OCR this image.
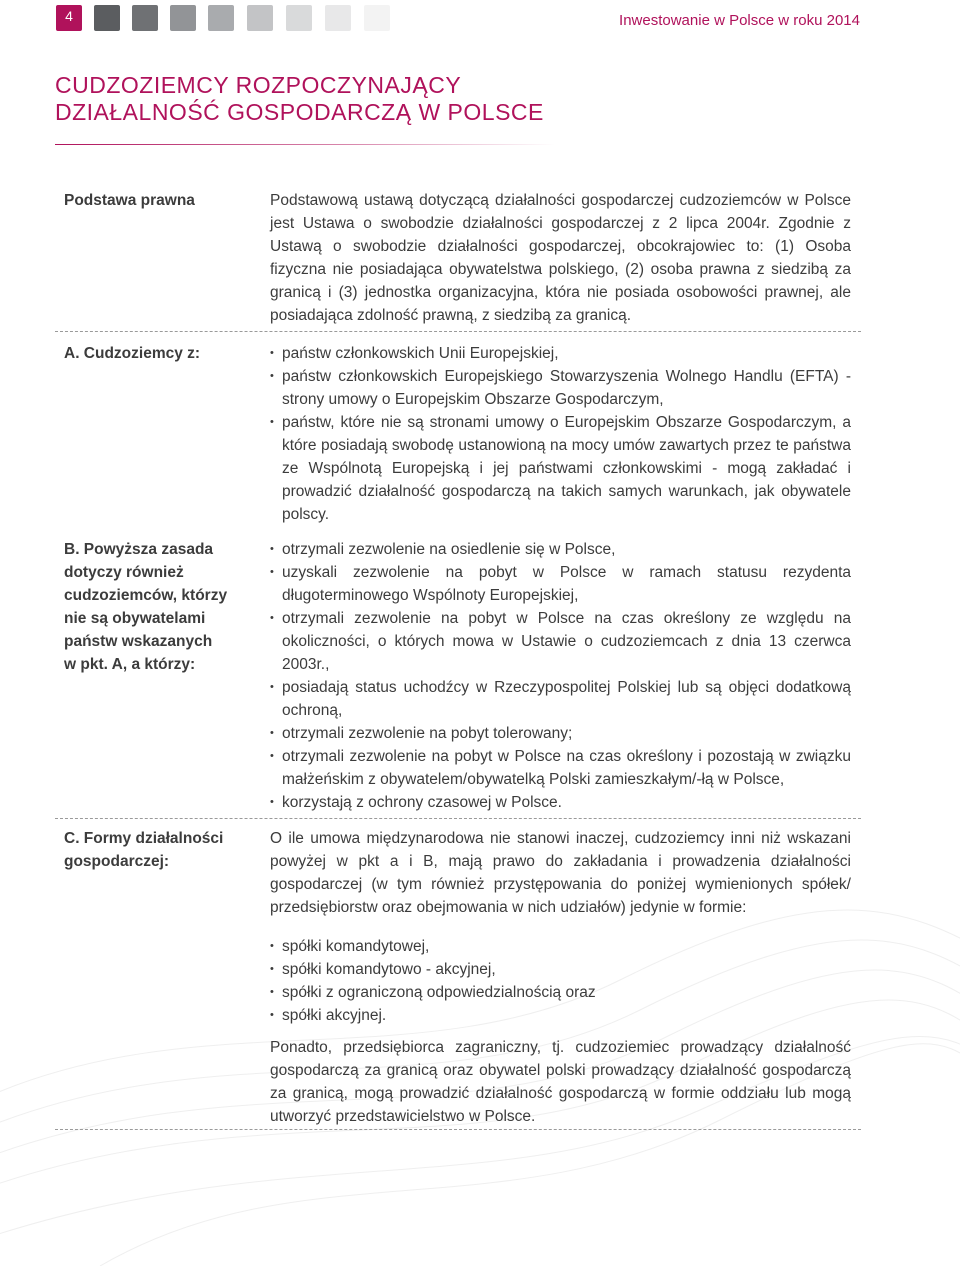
4	Inwestowanie w Polsce w roku 2014
CUDZOZIEMCY ROZPOCZYNAJĄCY
DZIAŁALNOŚĆ GOSPODARCZĄ W POLSCE
Podstawa prawna	Podstawową ustawą dotyczącą działalności gospodarczej cudzoziemców w Polsce jest Ustawa o swobodzie działalności gospodarczej z 2 lipca 2004r. Zgodnie z Ustawą o swobodzie działalności gospodarczej, obcokrajowiec to: (1) Osoba fizyczna nie posiadająca obywatelstwa polskiego, (2) osoba prawna z siedzibą za granicą i (3) jednostka organizacyjna, która nie posiada osobowości prawnej, ale posiadająca zdolność prawną, z siedzibą za granicą.

A. Cudzoziemcy z:
•	państw członkowskich Unii Europejskiej,
• państw członkowskich Europejskiego Stowarzyszenia Wolnego Handlu (EFTA) - strony umowy o Europejskim Obszarze Gospodarczym,
• państw, które nie są stronami umowy o Europejskim Obszarze Gospodarczym, a które posiadają swobodę ustanowioną na mocy umów zawartych przez te państwa ze Wspólnotą Europejską i jej państwami członkowskimi - mogą zakładać i prowadzić działalność gospodarczą na takich samych warunkach, jak obywatele polscy.
B. Powyższa zasada
dotyczy również
cudzoziemców, którzy
nie są obywatelami
państw wskazanych
w pkt. A, a którzy:
• otrzymali zezwolenie na osiedlenie się w Polsce,
• uzyskali zezwolenie na pobyt w Polsce w ramach statusu rezydenta długoterminowego Wspólnoty Europejskiej,
• otrzymali zezwolenie na pobyt w Polsce na czas określony ze względu na okoliczności, o których mowa w Ustawie o cudzoziemcach z dnia 13 czerwca 2003r.,
• posiadają status uchodźcy w Rzeczypospolitej Polskiej lub są objęci dodatkową ochroną,
• otrzymali zezwolenie na pobyt tolerowany;
• otrzymali zezwolenie na pobyt w Polsce na czas określony i pozostają w związku małżeńskim z obywatelem/obywatelką Polski zamieszkałym/-łą w Polsce,
• korzystają z ochrony czasowej w Polsce.
C. Formy działalności
gospodarczej:

O ile umowa międzynarodowa nie stanowi inaczej, cudzoziemcy inni niż wskazani powyżej w pkt a i B, mają prawo do zakładania i prowadzenia działalności gospodarczej (w tym również przystępowania do poniżej wymienionych spółek/ przedsiębiorstw oraz obejmowania w nich udziałów) jedynie w formie:

• spółki komandytowej,
• spółki komandytowo - akcyjnej,
• spółki z ograniczoną odpowiedzialnością oraz
• spółki akcyjnej.

Ponadto, przedsiębiorca zagraniczny, tj. cudzoziemiec prowadzący działalność gospodarczą za granicą oraz obywatel polski prowadzący działalność gospodarczą za granicą, mogą prowadzić działalność gospodarczą w formie oddziału lub mogą utworzyć przedstawicielstwo w Polsce.
